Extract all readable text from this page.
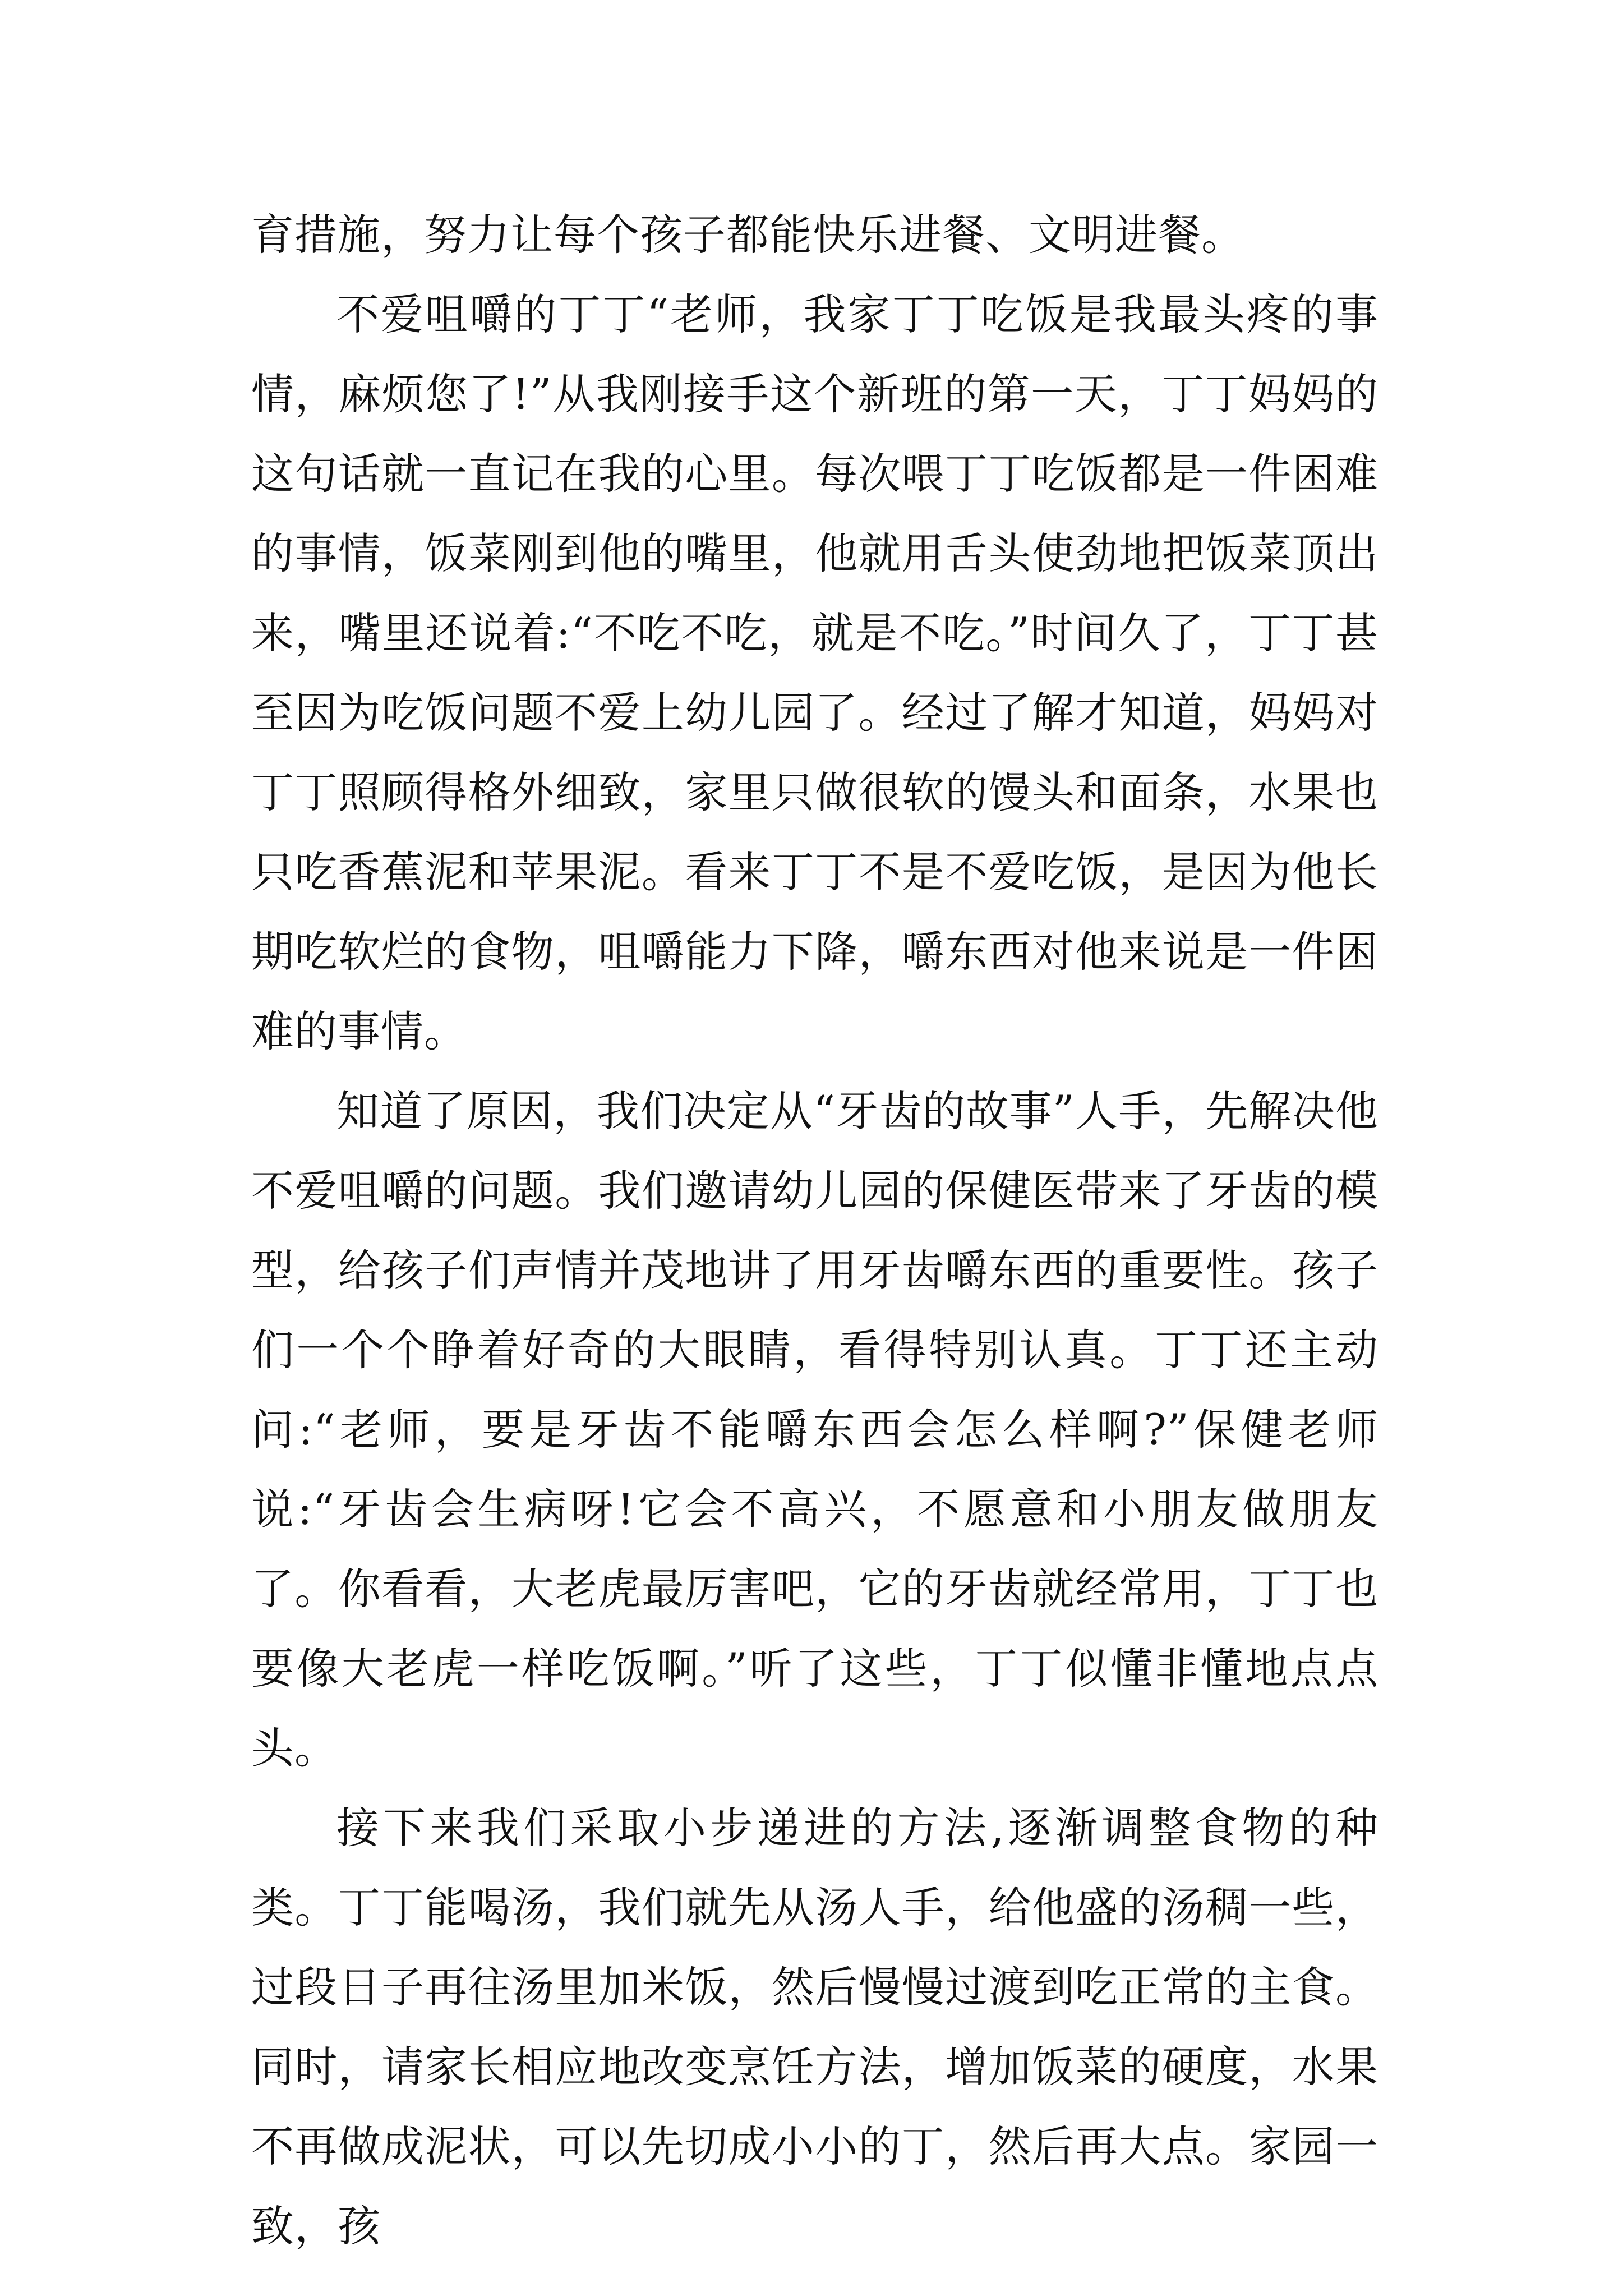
育措施，努力让每个孩子都能快乐进餐、文明进餐。

不爱咀嚼的丁丁“老师，我家丁丁吃饭是我最头疼的事情，麻烦您了!”从我刚接手这个新班的第一天，丁丁妈妈的这句话就一直记在我的心里。每次喂丁丁吃饭都是一件困难的事情，饭菜刚到他的嘴里，他就用舌头使劲地把饭菜顶出来，嘴里还说着:“不吃不吃，就是不吃。”时间久了，丁丁甚至因为吃饭问题不爱上幼儿园了。经过了解才知道，妈妈对丁丁照顾得格外细致，家里只做很软的馒头和面条，水果也只吃香蕉泥和苹果泥。看来丁丁不是不爱吃饭，是因为他长期吃软烂的食物，咀嚼能力下降，嚼东西对他来说是一件困难的事情。

知道了原因，我们决定从“牙齿的故事”人手，先解决他不爱咀嚼的问题。我们邀请幼儿园的保健医带来了牙齿的模型，给孩子们声情并茂地讲了用牙齿嚼东西的重要性。孩子们一个个睁着好奇的大眼睛，看得特别认真。丁丁还主动问:“老师，要是牙齿不能嚼东西会怎么样啊?”保健老师说:“牙齿会生病呀!它会不高兴，不愿意和小朋友做朋友了。你看看，大老虎最厉害吧，它的牙齿就经常用，丁丁也要像大老虎一样吃饭啊。”听了这些，丁丁似懂非懂地点点头。

接下来我们采取小步递进的方法,逐渐调整食物的种类。丁丁能喝汤，我们就先从汤人手，给他盛的汤稠一些，过段日子再往汤里加米饭，然后慢慢过渡到吃正常的主食。同时，请家长相应地改变烹饪方法，增加饭菜的硬度，水果不再做成泥状，可以先切成小小的丁，然后再大点。家园一致，孩
